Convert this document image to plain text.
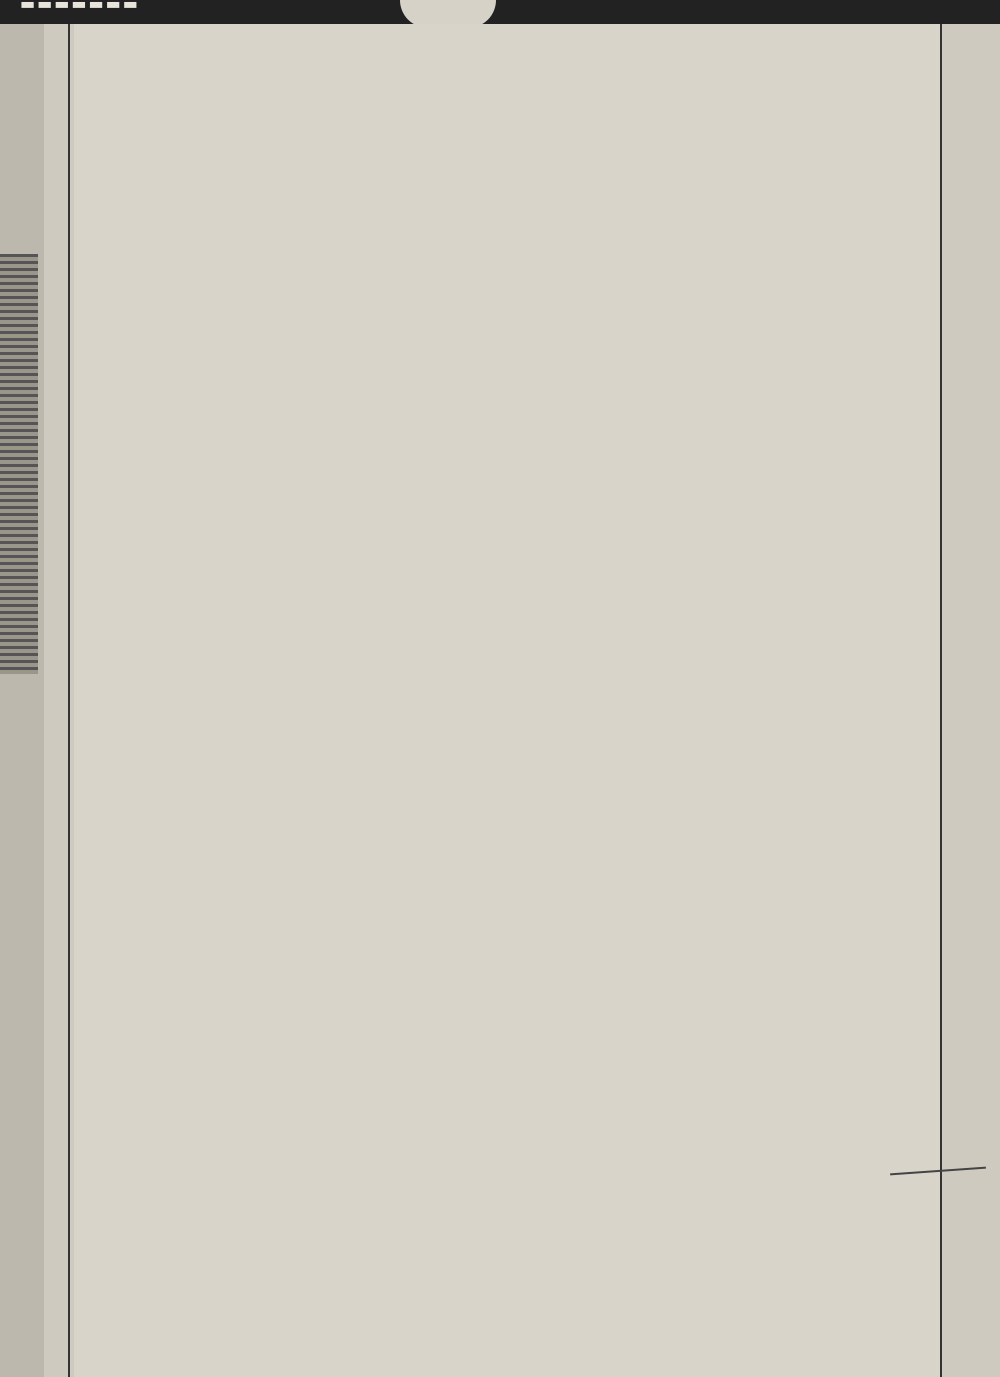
▬▬▬▬▬▬▬
